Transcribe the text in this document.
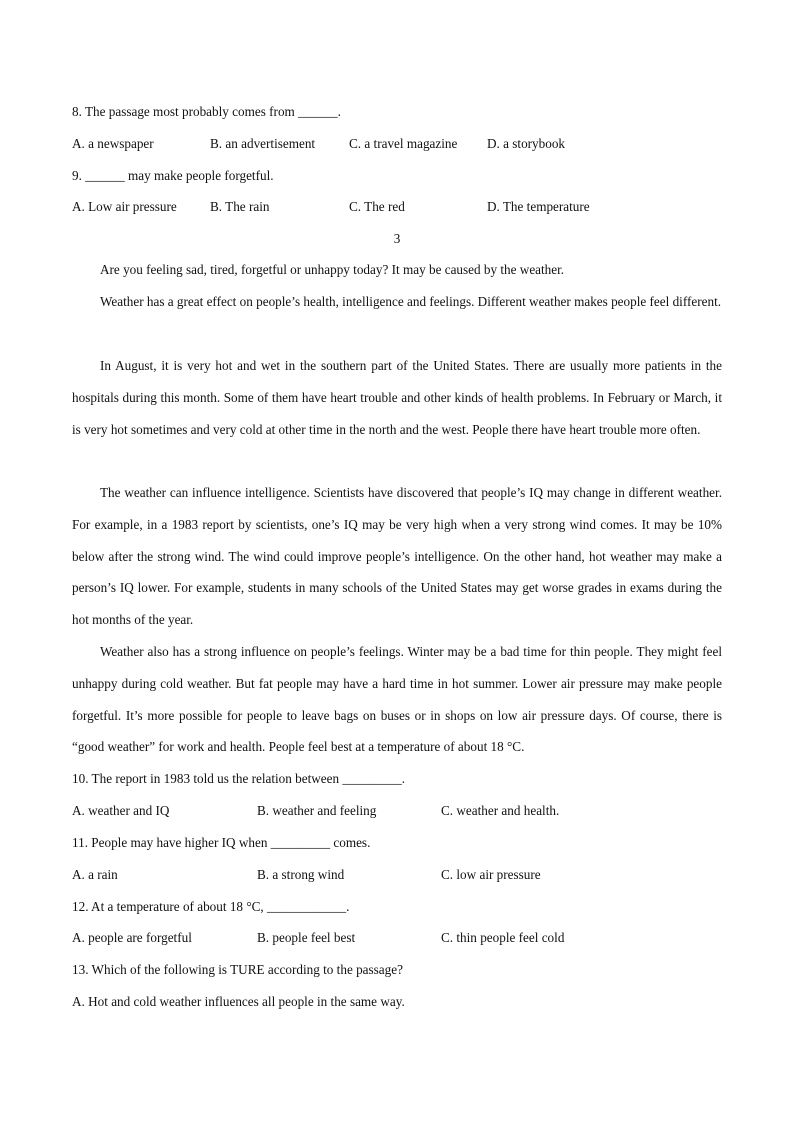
8. The passage most probably comes from ______.
A. a newspaper	B. an advertisement	C. a travel magazine D. a storybook
9. ______ may make people forgetful.
A. Low air pressure	B. The rain	C. The red	D. The temperature
3

Are you feeling sad, tired, forgetful or unhappy today? It may be caused by the weather.

Weather has a great effect on people’s health, intelligence and feelings. Different weather makes people feel different.

In August, it is very hot and wet in the southern part of the United States. There are usually more patients in the hospitals during this month. Some of them have heart trouble and other kinds of health problems. In February or March, it is very hot sometimes and very cold at other time in the north and the west. People there have heart trouble more often.

The weather can influence intelligence. Scientists have discovered that people’s IQ may change in different weather. For example, in a 1983 report by scientists, one’s IQ may be very high when a very strong wind comes. It may be 10% below after the strong wind. The wind could improve people’s intelligence. On the other hand, hot weather may make a person’s IQ lower. For example, students in many schools of the United States may get worse grades in exams during the hot months of the year.

Weather also has a strong influence on people’s feelings. Winter may be a bad time for thin people. They might feel unhappy during cold weather. But fat people may have a hard time in hot summer. Lower air pressure may make people forgetful. It’s more possible for people to leave bags on buses or in shops on low air pressure days. Of course, there is “good weather” for work and health. People feel best at a temperature of about 18 °C.

10. The report in 1983 told us the relation between _________.
A. weather and IQ	B. weather and feeling	C. weather and health.
11. People may have higher IQ when _________ comes.
A. a rain	B. a strong wind	C. low air pressure
12. At a temperature of about 18 °C, ____________.
A. people are forgetful	B. people feel best	C. thin people feel cold
13. Which of the following is TURE according to the passage?
A. Hot and cold weather influences all people in the same way.
